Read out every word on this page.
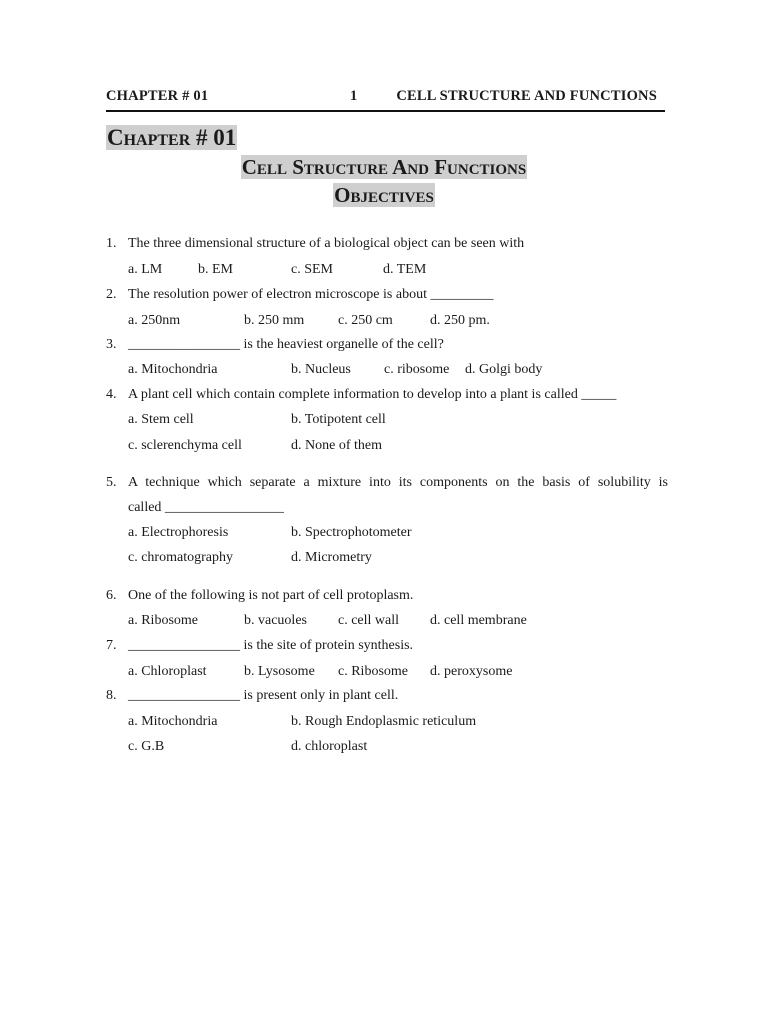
CHAPTER # 01	1	CELL STRUCTURE AND FUNCTIONS
Chapter # 01
Cell Structure And Functions
Objectives
1. The three dimensional structure of a biological object can be seen with
a. LM	b. EM	c. SEM	d. TEM
2. The resolution power of electron microscope is about _________
a. 250nm	b. 250 mm c. 250 cm	d. 250 pm.
3. ________________ is the heaviest organelle of the cell?
a. Mitochondria	b. Nucleus c. ribosome d. Golgi body
4. A plant cell which contain complete information to develop into a plant is called _____
a. Stem cell	b. Totipotent cell
c. sclerenchyma cell	d. None of them
5. A technique which separate a mixture into its components on the basis of solubility is
called _________________
a. Electrophoresis	b. Spectrophotometer
c. chromatography	d. Micrometry
6. One of the following is not part of cell protoplasm.
a. Ribosome	b. vacuoles c. cell wall d. cell membrane
7. ________________ is the site of protein synthesis.
a. Chloroplast	b. Lysosome c. Ribosome d. peroxysome
8. ________________ is present only in plant cell.
a. Mitochondria	b. Rough Endoplasmic reticulum
c. G.B	d. chloroplast
